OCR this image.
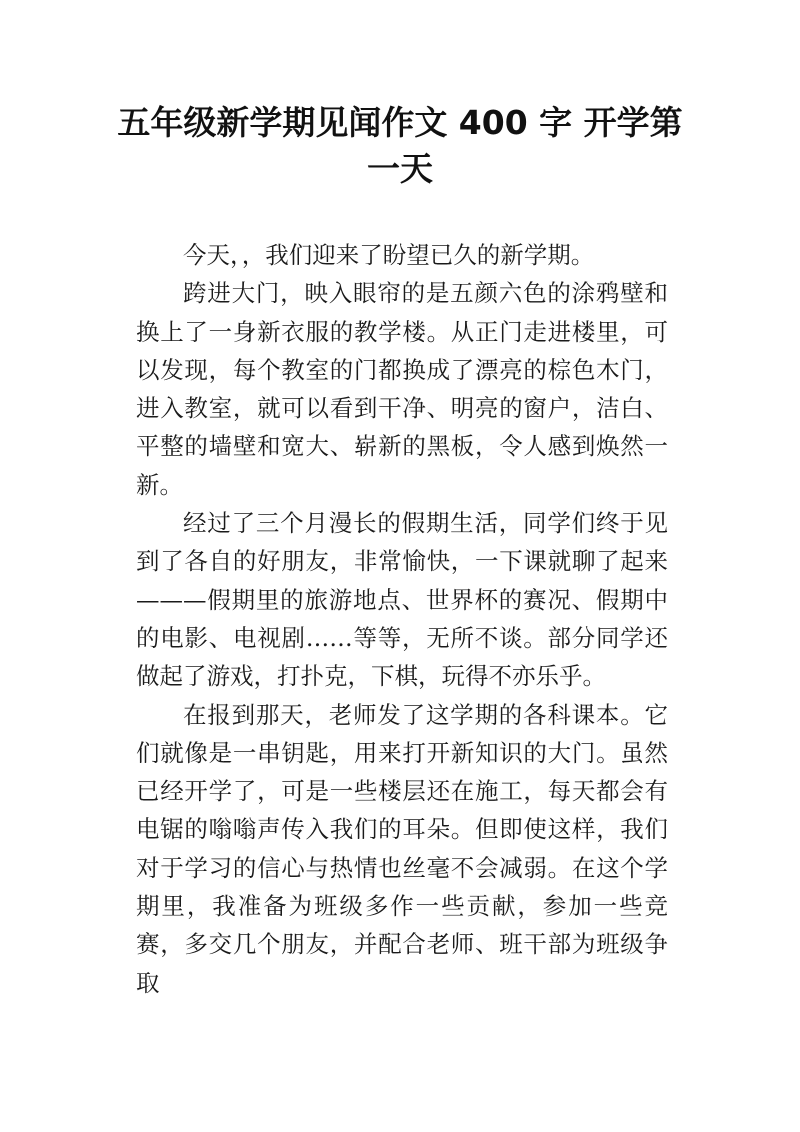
五年级新学期见闻作文 400 字 开学第一天

今天，，我们迎来了盼望已久的新学期。

跨进大门，映入眼帘的是五颜六色的涂鸦壁和换上了一身新衣服的教学楼。从正门走进楼里，可以发现，每个教室的门都换成了漂亮的棕色木门，进入教室，就可以看到干净、明亮的窗户，洁白、平整的墙壁和宽大、崭新的黑板，令人感到焕然一新。

经过了三个月漫长的假期生活，同学们终于见到了各自的好朋友，非常愉快，一下课就聊了起来———假期里的旅游地点、世界杯的赛况、假期中的电影、电视剧……等等，无所不谈。部分同学还做起了游戏，打扑克，下棋，玩得不亦乐乎。

在报到那天，老师发了这学期的各科课本。它们就像是一串钥匙，用来打开新知识的大门。虽然已经开学了，可是一些楼层还在施工，每天都会有电锯的嗡嗡声传入我们的耳朵。但即使这样，我们对于学习的信心与热情也丝毫不会减弱。在这个学期里，我准备为班级多作一些贡献，参加一些竞赛，多交几个朋友，并配合老师、班干部为班级争取
